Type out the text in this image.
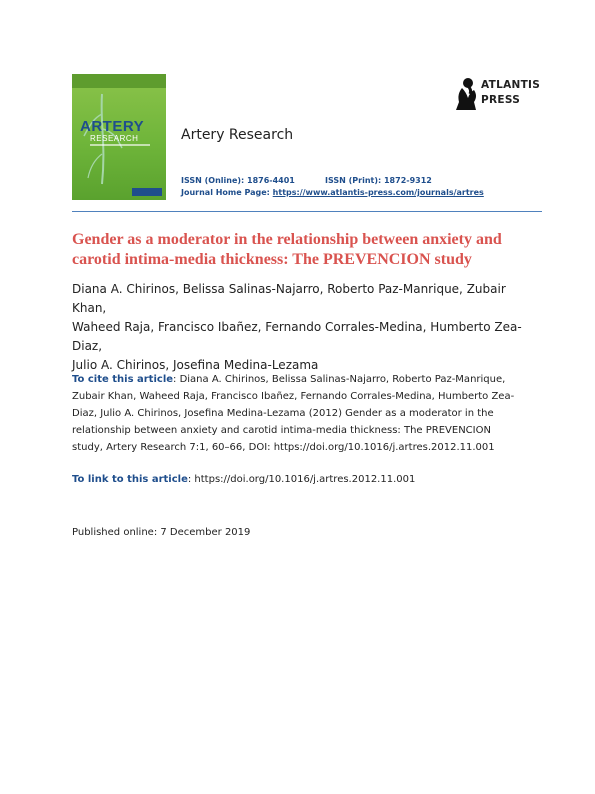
ARTERY
RESEARCH	Artery Research
ISSN (Online): 1876-4401	ISSN (Print): 1872-9312
Journal Home Page: https://www.atlantis-press.com/journals/artres
ATLANTIS
PRESS
Gender as a moderator in the relationship between anxiety and
carotid intima-media thickness: The PREVENCION study

Diana A. Chirinos, Belissa Salinas-Najarro, Roberto Paz-Manrique, Zubair Khan,
Waheed Raja, Francisco Ibañez, Fernando Corrales-Medina, Humberto Zea-Diaz,
Julio A. Chirinos, Josefina Medina-Lezama

To cite this article: Diana A. Chirinos, Belissa Salinas-Najarro, Roberto Paz-Manrique,
Zubair Khan, Waheed Raja, Francisco Ibañez, Fernando Corrales-Medina, Humberto Zea-
Diaz, Julio A. Chirinos, Josefina Medina-Lezama (2012) Gender as a moderator in the
relationship between anxiety and carotid intima-media thickness: The PREVENCION
study, Artery Research 7:1, 60–66, DOI: https://doi.org/10.1016/j.artres.2012.11.001

To link to this article: https://doi.org/10.1016/j.artres.2012.11.001

Published online: 7 December 2019
